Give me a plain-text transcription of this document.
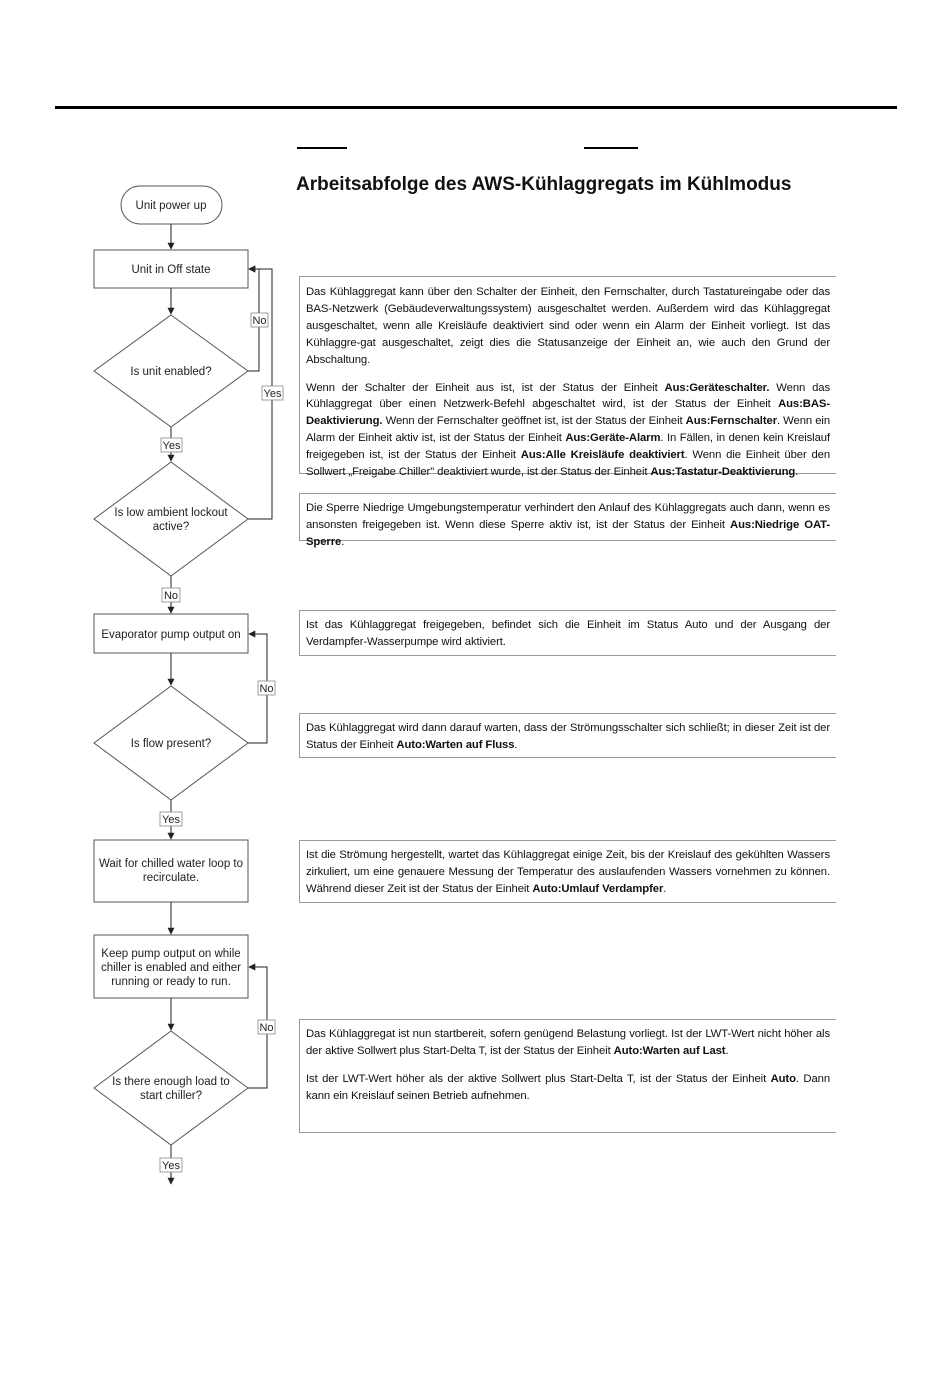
Arbeitsabfolge des AWS-Kühlaggregats im Kühlmodus
No
Yes
Yes
No
No
Yes
No
Yes
Unit power up
Unit in Off state
Evaporator pump output on
Is unit enabled?
Is low ambient lockout active?
Is flow present?
Wait for chilled water loop to recirculate.
Keep pump output on while chiller is enabled and either running or ready to run.
Is there enough load to start chiller?

Das Kühlaggregat kann über den Schalter der Einheit, den Fernschalter, durch Tastatureingabe oder das BAS-Netzwerk (Gebäudeverwaltungssystem) ausgeschaltet werden. Außerdem wird das Kühlaggregat ausgeschaltet, wenn alle Kreisläufe deaktiviert sind oder wenn ein Alarm der Einheit vorliegt. Ist das Kühlaggre-gat ausgeschaltet, zeigt dies die Statusanzeige der Einheit an, wie auch den Grund der Abschaltung.

Wenn der Schalter der Einheit aus ist, ist der Status der Einheit Aus:Geräteschalter. Wenn das Kühlaggregat über einen Netzwerk-Befehl abgeschaltet wird, ist der Status der Einheit Aus:BAS-Deaktivierung. Wenn der Fernschalter geöffnet ist, ist der Status der Einheit Aus:Fernschalter. Wenn ein Alarm der Einheit aktiv ist, ist der Status der Einheit Aus:Geräte-Alarm. In Fällen, in denen kein Kreislauf freigegeben ist, ist der Status der Einheit Aus:Alle Kreisläufe deaktiviert. Wenn die Einheit über den Sollwert „Freigabe Chiller" deaktiviert wurde, ist der Status der Einheit Aus:Tastatur-Deaktivierung.

Die Sperre Niedrige Umgebungstemperatur verhindert den Anlauf des Kühlaggregats auch dann, wenn es ansonsten freigegeben ist. Wenn diese Sperre aktiv ist, ist der Status der Einheit Aus:Niedrige OAT-Sperre.

Ist das Kühlaggregat freigegeben, befindet sich die Einheit im Status Auto und der Ausgang der Verdampfer-Wasserpumpe wird aktiviert.

Das Kühlaggregat wird dann darauf warten, dass der Strömungsschalter sich schließt; in dieser Zeit ist der Status der Einheit Auto:Warten auf Fluss.

Ist die Strömung hergestellt, wartet das Kühlaggregat einige Zeit, bis der Kreislauf des gekühlten Wassers zirkuliert, um eine genauere Messung der Temperatur des auslaufenden Wassers vornehmen zu können. Während dieser Zeit ist der Status der Einheit Auto:Umlauf Verdampfer.

Das Kühlaggregat ist nun startbereit, sofern genügend Belastung vorliegt. Ist der LWT-Wert nicht höher als der aktive Sollwert plus Start-Delta T, ist der Status der Einheit Auto:Warten auf Last.

Ist der LWT-Wert höher als der aktive Sollwert plus Start-Delta T, ist der Status der Einheit Auto. Dann kann ein Kreislauf seinen Betrieb aufnehmen.
